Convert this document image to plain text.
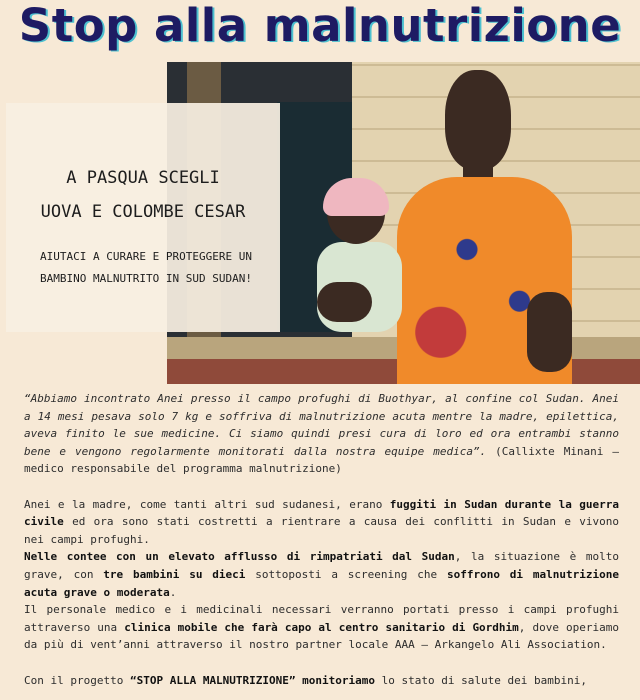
Stop alla malnutrizione
A PASQUA SCEGLI
UOVA E COLOMBE CESAR
AIUTACI A CURARE E PROTEGGERE UN
BAMBINO MALNUTRITO IN SUD SUDAN!

“Abbiamo incontrato Anei presso il campo profughi di Buothyar, al confine col Sudan. Anei a 14 mesi pesava solo 7 kg e soffriva di malnutrizione acuta mentre la madre, epilettica, aveva finito le sue medicine. Ci siamo quindi presi cura di loro ed ora entrambi stanno bene e vengono regolarmente monitorati dalla nostra equipe medica”. (Callixte Minani – medico responsabile del programma malnutrizione)

Anei e la madre, come tanti altri sud sudanesi, erano fuggiti in Sudan durante la guerra civile ed ora sono stati costretti a rientrare a causa dei conflitti in Sudan e vivono nei campi profughi.

Nelle contee con un elevato afflusso di rimpatriati dal Sudan, la situazione è molto grave, con tre bambini su dieci sottoposti a screening che soffrono di malnutrizione acuta grave o moderata.

Il personale medico e i medicinali necessari verranno portati presso i campi profughi attraverso una clinica mobile che farà capo al centro sanitario di Gordhim, dove operiamo da più di vent’anni attraverso il nostro partner locale AAA – Arkangelo Ali Association.

Con il progetto “STOP ALLA MALNUTRIZIONE” monitoriamo lo stato di salute dei bambini,
